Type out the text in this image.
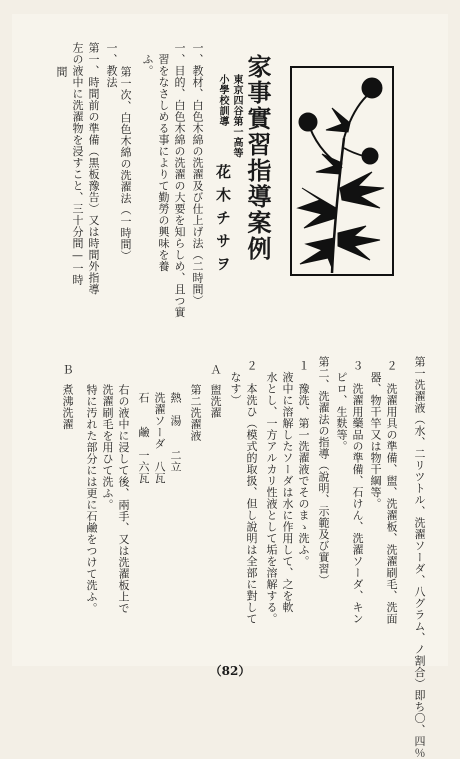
家事實習指導案例
東京四谷第一高等
小學校訓導
花木チサヲ
一、教材、白色木綿の洗濯及び仕上げ法（二時間）
一、目的、白色木綿の洗濯の大要を知らしめ、且つ實
　習をなさしめる事によりて勤勞の興味を養
　ふ。
一、教法
第一次、白色木綿の洗濯法（一時間）
第一、時間前の準備（黒板豫告）又は時間外指導
左の液中に洗濯物を浸すこと、三十分間—一時
間
第一洗濯液（水、二リツトル、洗濯ソーダ、八グラム、ノ割合）即ち〇、四％
２　洗濯用具の準備、盥、洗濯板、洗濯刷毛、洗面
　器、物干竿又は物干綱等。
３　洗濯用藥品の準備、石けん、洗濯ソーダ、キン
　ピロ、生麩等。
第二、洗濯法の指導（說明、示範及び實習）
１　豫洗、第一洗濯液でそのまゝ洗ふ。
　液中に溶解したソーダは水に作用して、之を軟
　水とし、一方アルカリ性液として垢を溶解する。
２　本洗ひ（模式的取扱、但し說明は全部に對して
　なす）
Ａ
盥洗濯
第二洗濯液
熱　湯　　二立
洗濯ソーダ　八瓦
石　　鹼　一六瓦
右の液中に浸して後、兩手、又は洗濯板上で
洗濯刷毛を用ひて洗ふ。
特に汚れた部分には更に石鹼をつけて洗ふ。
Ｂ
煮沸洗濯
（82）
